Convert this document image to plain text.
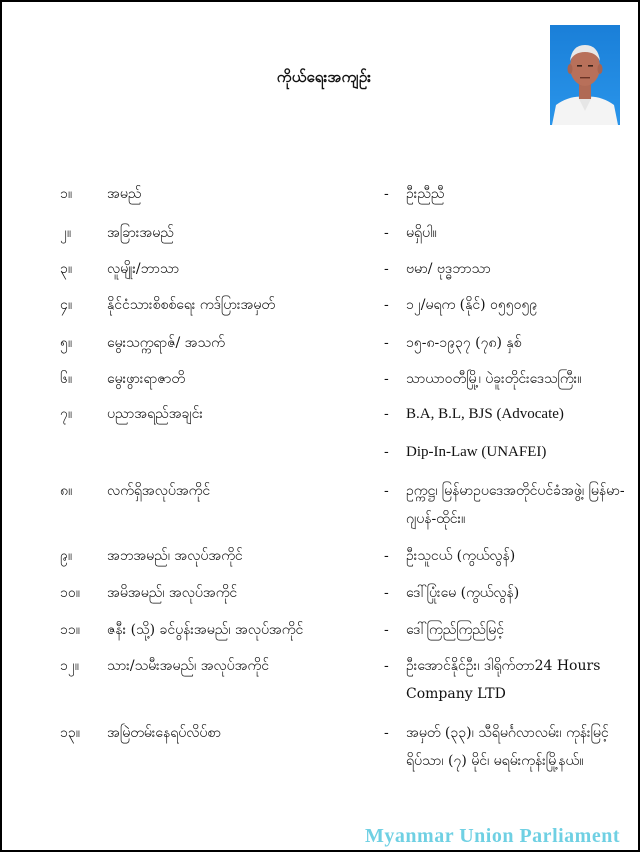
ကိုယ်ရေးအကျဉ်း
၁။ အမည်	- ဦးညီညီ
၂။	အခြားအမည်	- မရှိပါ။
၃။ လူမျိုး/ဘာသာ	- ဗမာ/ ဗုဒ္ဓဘာသာ
၄။ နိုင်ငံသားစိစစ်ရေး ကဒ်ပြားအမှတ်	- ၁၂/မရက (နိုင်) ၀၅၅၀၅၉
၅။ မွေးသက္ကရာဇ်/ အသက်	- ၁၅-၈-၁၉၃၇ (၇၈) နှစ်
၆။ မွေးဖွားရာဇာတိ	- သာယာဝတီမြို့၊ ပဲခူးတိုင်းဒေသကြီး။
၇။ ပညာအရည်အချင်း	- B.A, B.L, BJS (Advocate)
- Dip-In-Law (UNAFEI)
၈။ လက်ရှိအလုပ်အကိုင်	- ဥက္ကဋ္ဌ၊ မြန်မာဥပဒေအတိုင်ပင်ခံအဖွဲ့၊ မြန်မာ-ဂျပန်-ထိုင်း။
၉။ အဘအမည်၊ အလုပ်အကိုင်	- ဦးသူငယ် (ကွယ်လွန်)
၁၀။ အမိအမည်၊ အလုပ်အကိုင်	- ဒေါ်ပြုံးမေ (ကွယ်လွန်)
၁၁။ ဇနီး (သို့) ခင်ပွန်းအမည်၊ အလုပ်အကိုင်	- ဒေါ်ကြည်ကြည်မြင့်
၁၂။ သား/သမီးအမည်၊ အလုပ်အကိုင်	- ဦးအောင်နိုင်ဦး၊ ဒါရိုက်တာ24 Hours Company LTD
၁၃။ အမြဲတမ်းနေရပ်လိပ်စာ	- အမှတ် (၃၃)၊ သီရိမင်္ဂလာလမ်း၊ ကုန်းမြင့် ရိပ်သာ၊ (၇) မိုင်၊ မရမ်းကုန်းမြို့နယ်။
Myanmar Union Parliament
